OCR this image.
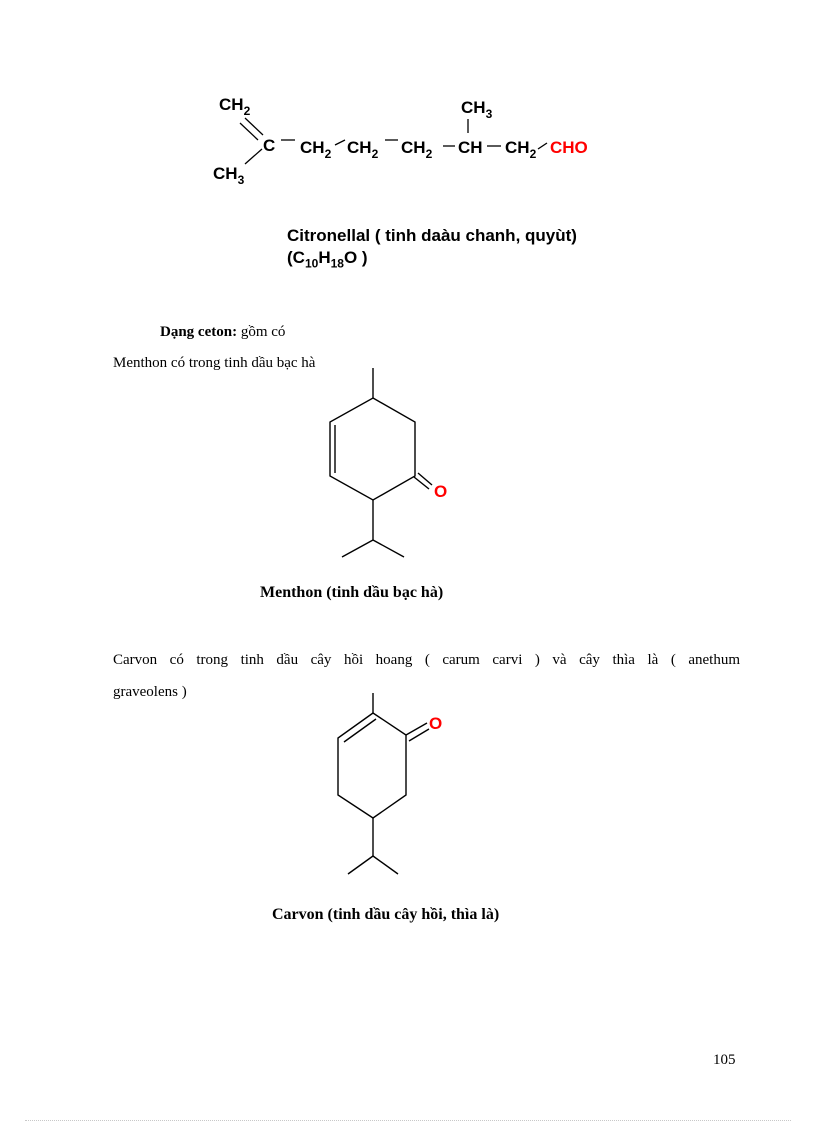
$CH_2$
C
$CH_3$
$CH_2$ $CH_2$ $CH_2$
$CH_3$
CH $CH_2$ CHO
Citronellal ( tinh daàu chanh, quyùt)
($C_{10}H_{18}O$ )
Dạng ceton: gồm có
Menthon có trong tinh dầu bạc hà
O
Menthon (tinh dầu bạc hà)
Carvon có trong tinh dầu cây hồi hoang ( carum carvi ) và cây thìa là ( anethum
graveolens )
O
Carvon (tinh dầu cây hồi, thìa là)
105
